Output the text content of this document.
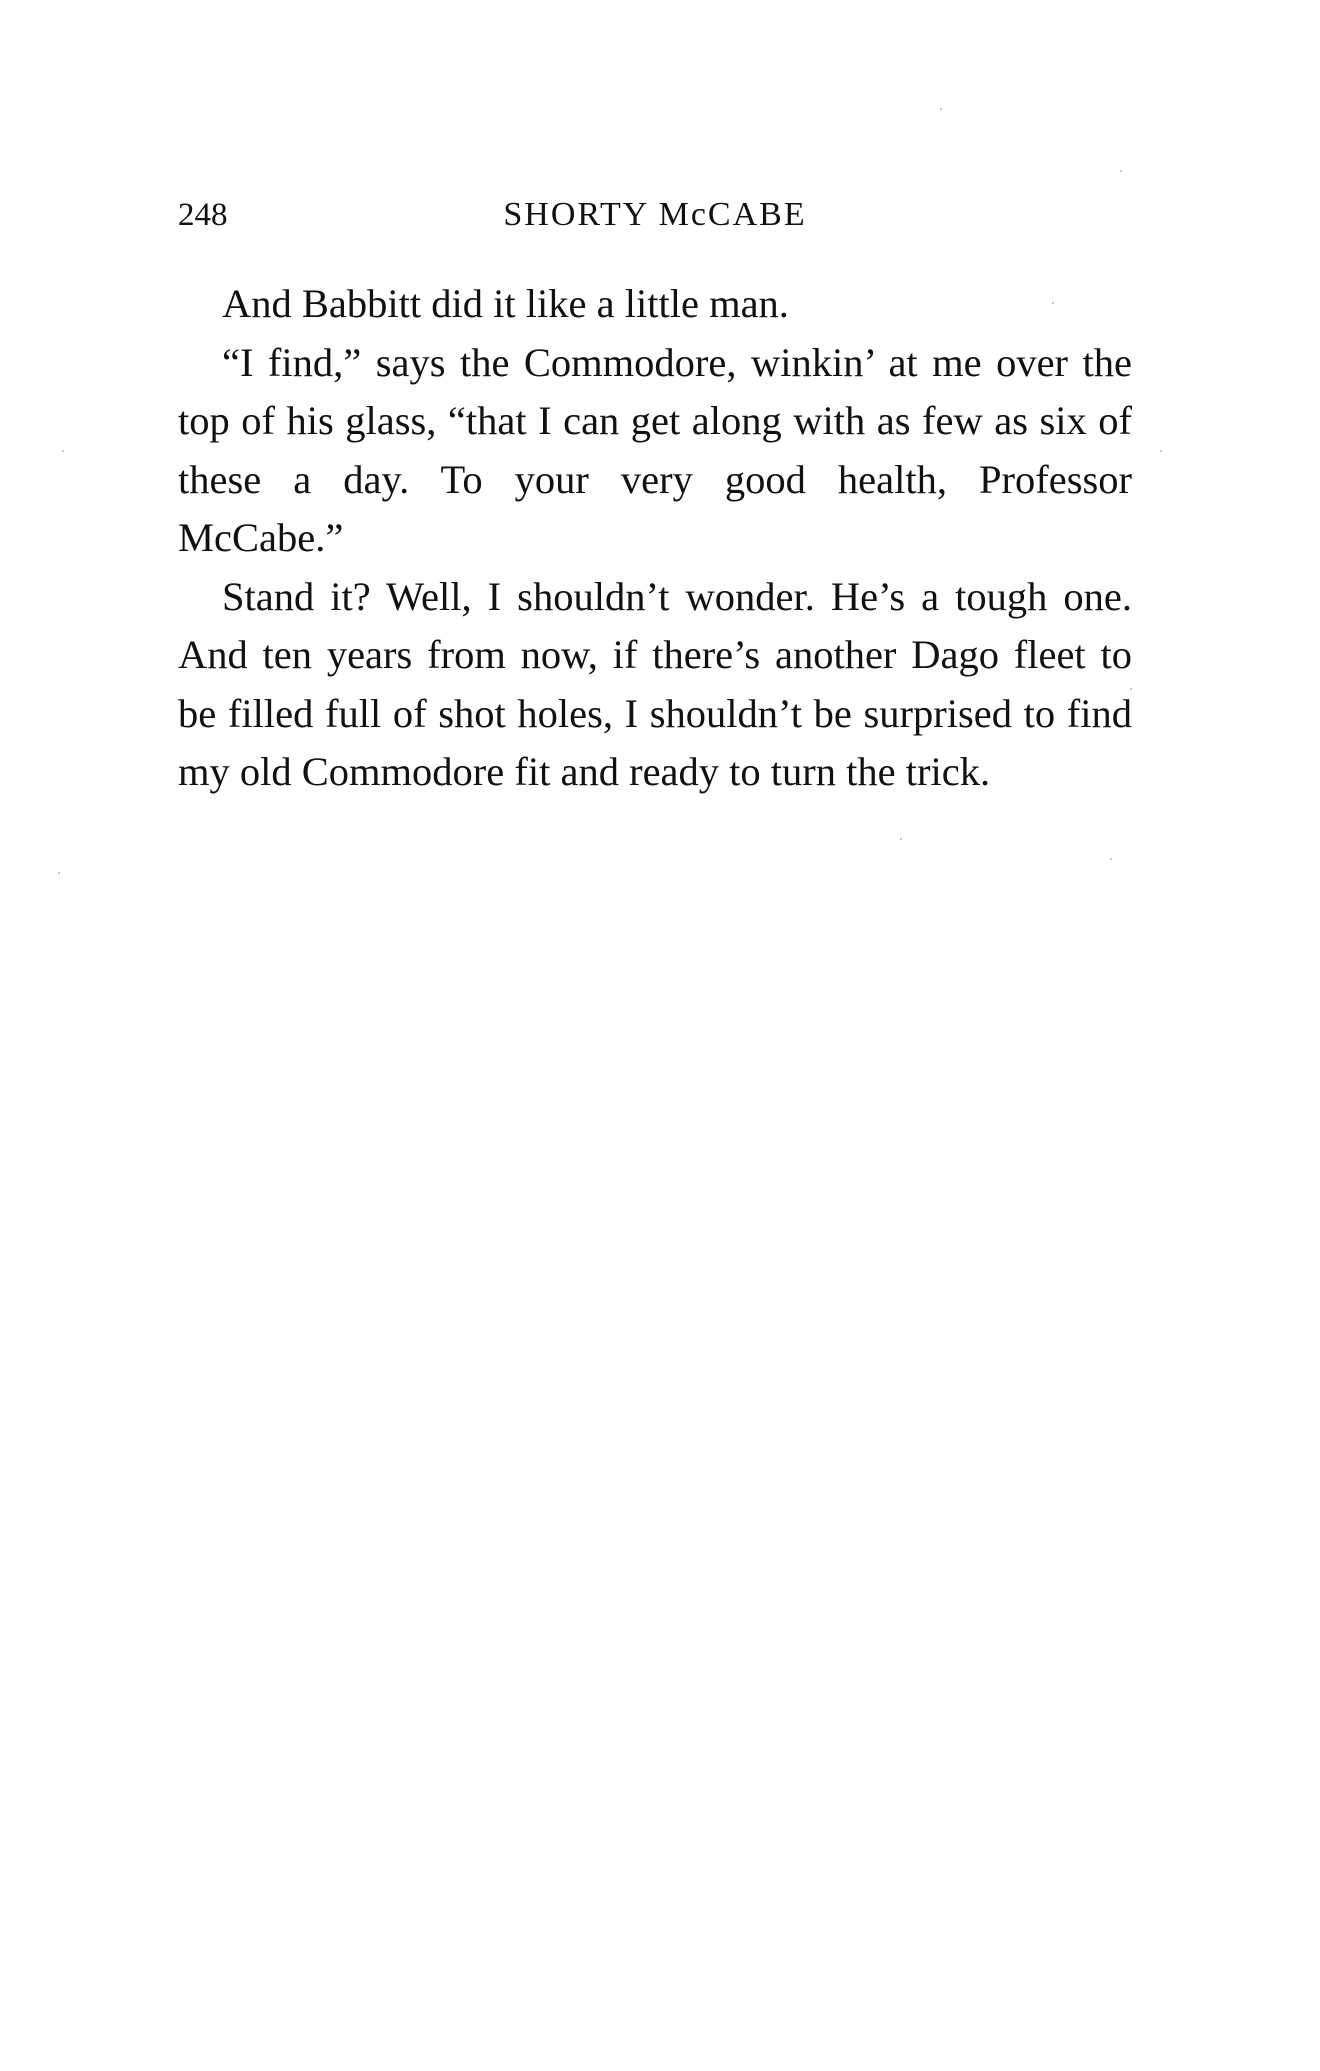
248	SHORTY McCABE

And Babbitt did it like a little man.

“I find,” says the Commodore, winkin’ at me over the top of his glass, “that I can get along with as few as six of these a day. To your very good health, Professor McCabe.”

Stand it? Well, I shouldn’t wonder. He’s a tough one. And ten years from now, if there’s another Dago fleet to be filled full of shot holes, I shouldn’t be surprised to find my old Commodore fit and ready to turn the trick.
